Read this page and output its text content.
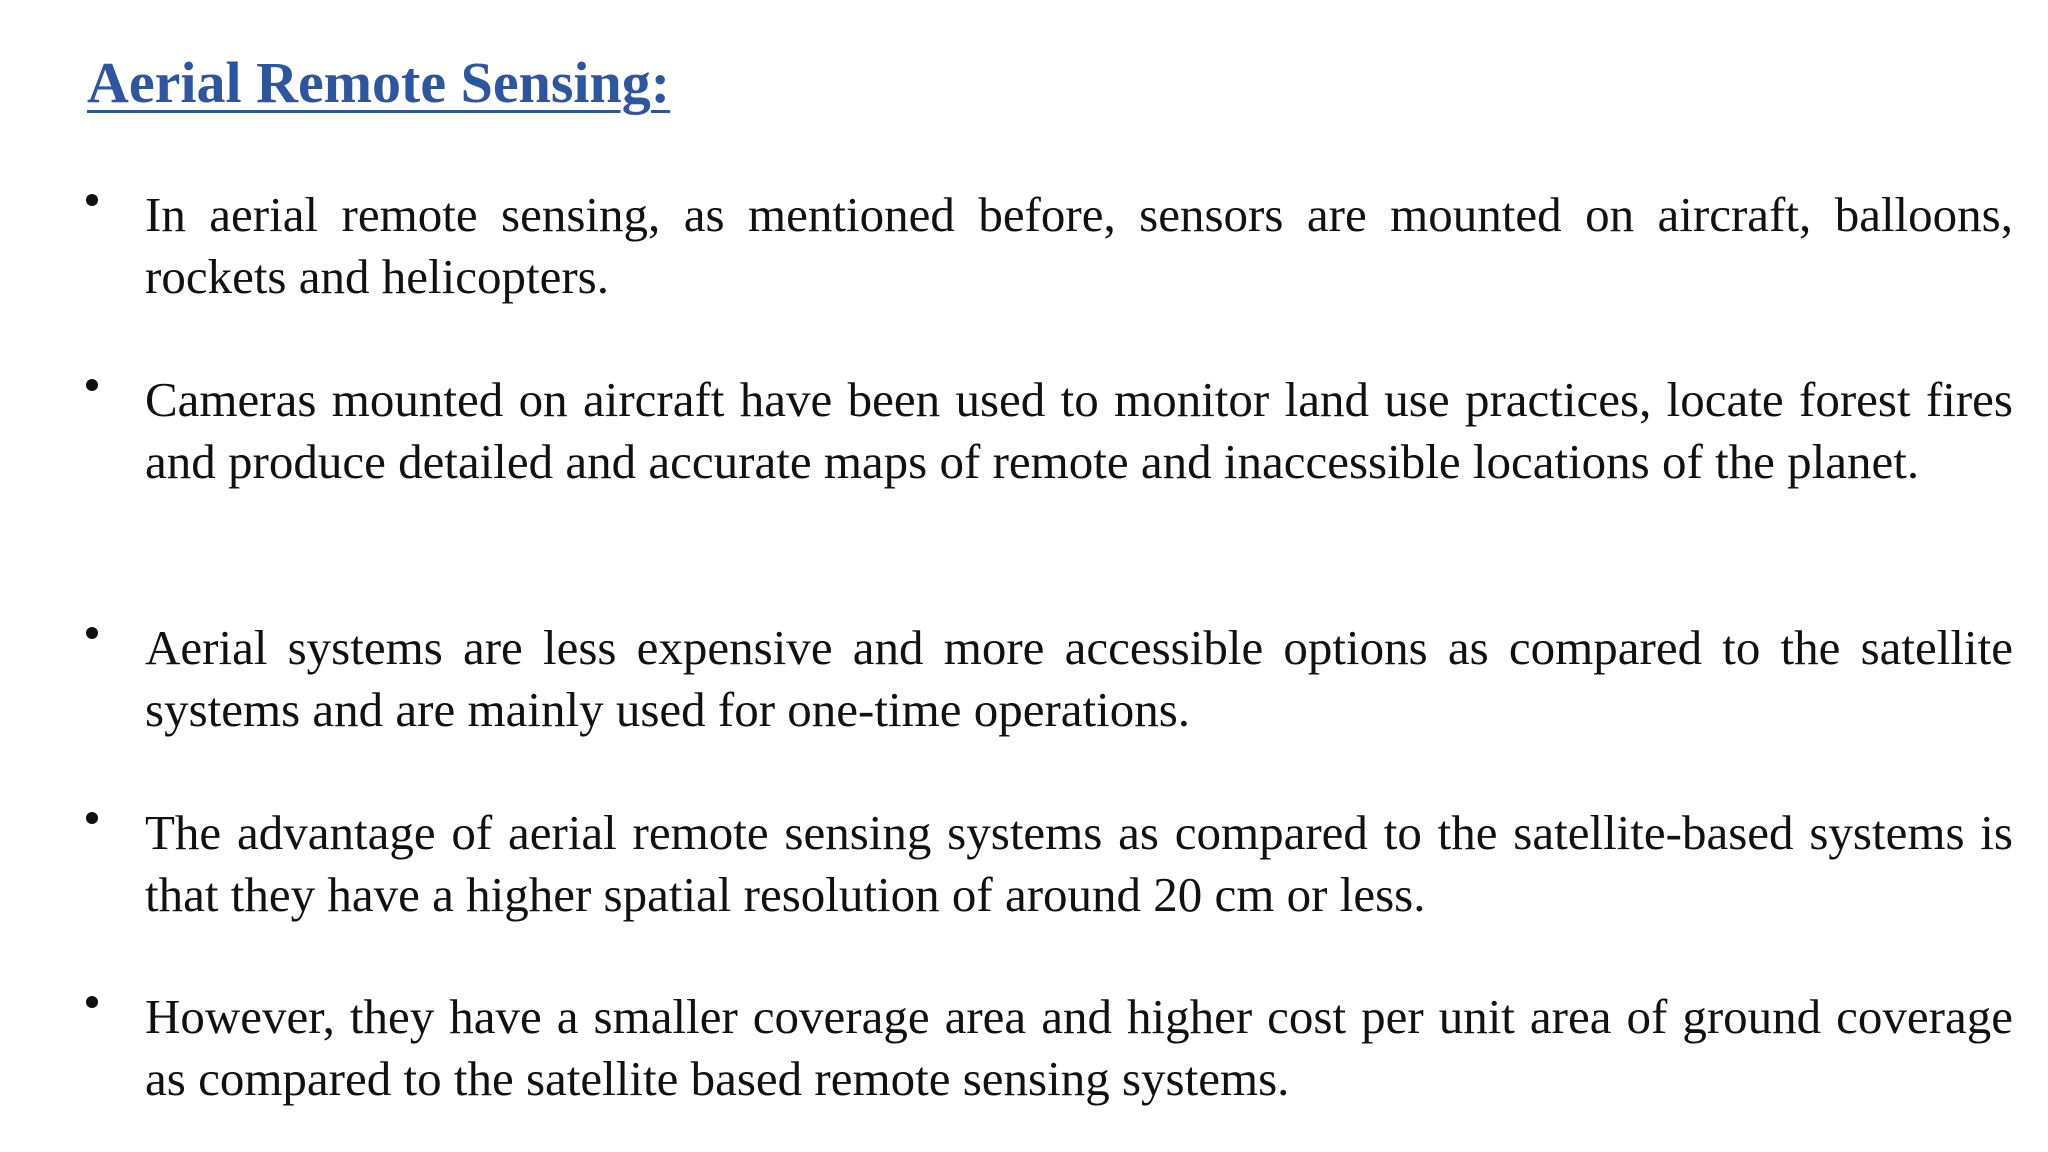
Aerial Remote Sensing:

In aerial remote sensing, as mentioned before, sensors are mounted on aircraft, balloons, rockets and helicopters.

Cameras mounted on aircraft have been used to monitor land use practices, locate forest fires and produce detailed and accurate maps of remote and inaccessible locations of the planet.

Aerial systems are less expensive and more accessible options as compared to the satellite systems and are mainly used for one-time operations.

The advantage of aerial remote sensing systems as compared to the satellite-based systems is that they have a higher spatial resolution of around 20 cm or less.

However, they have a smaller coverage area and higher cost per unit area of ground coverage as compared to the satellite based remote sensing systems.
